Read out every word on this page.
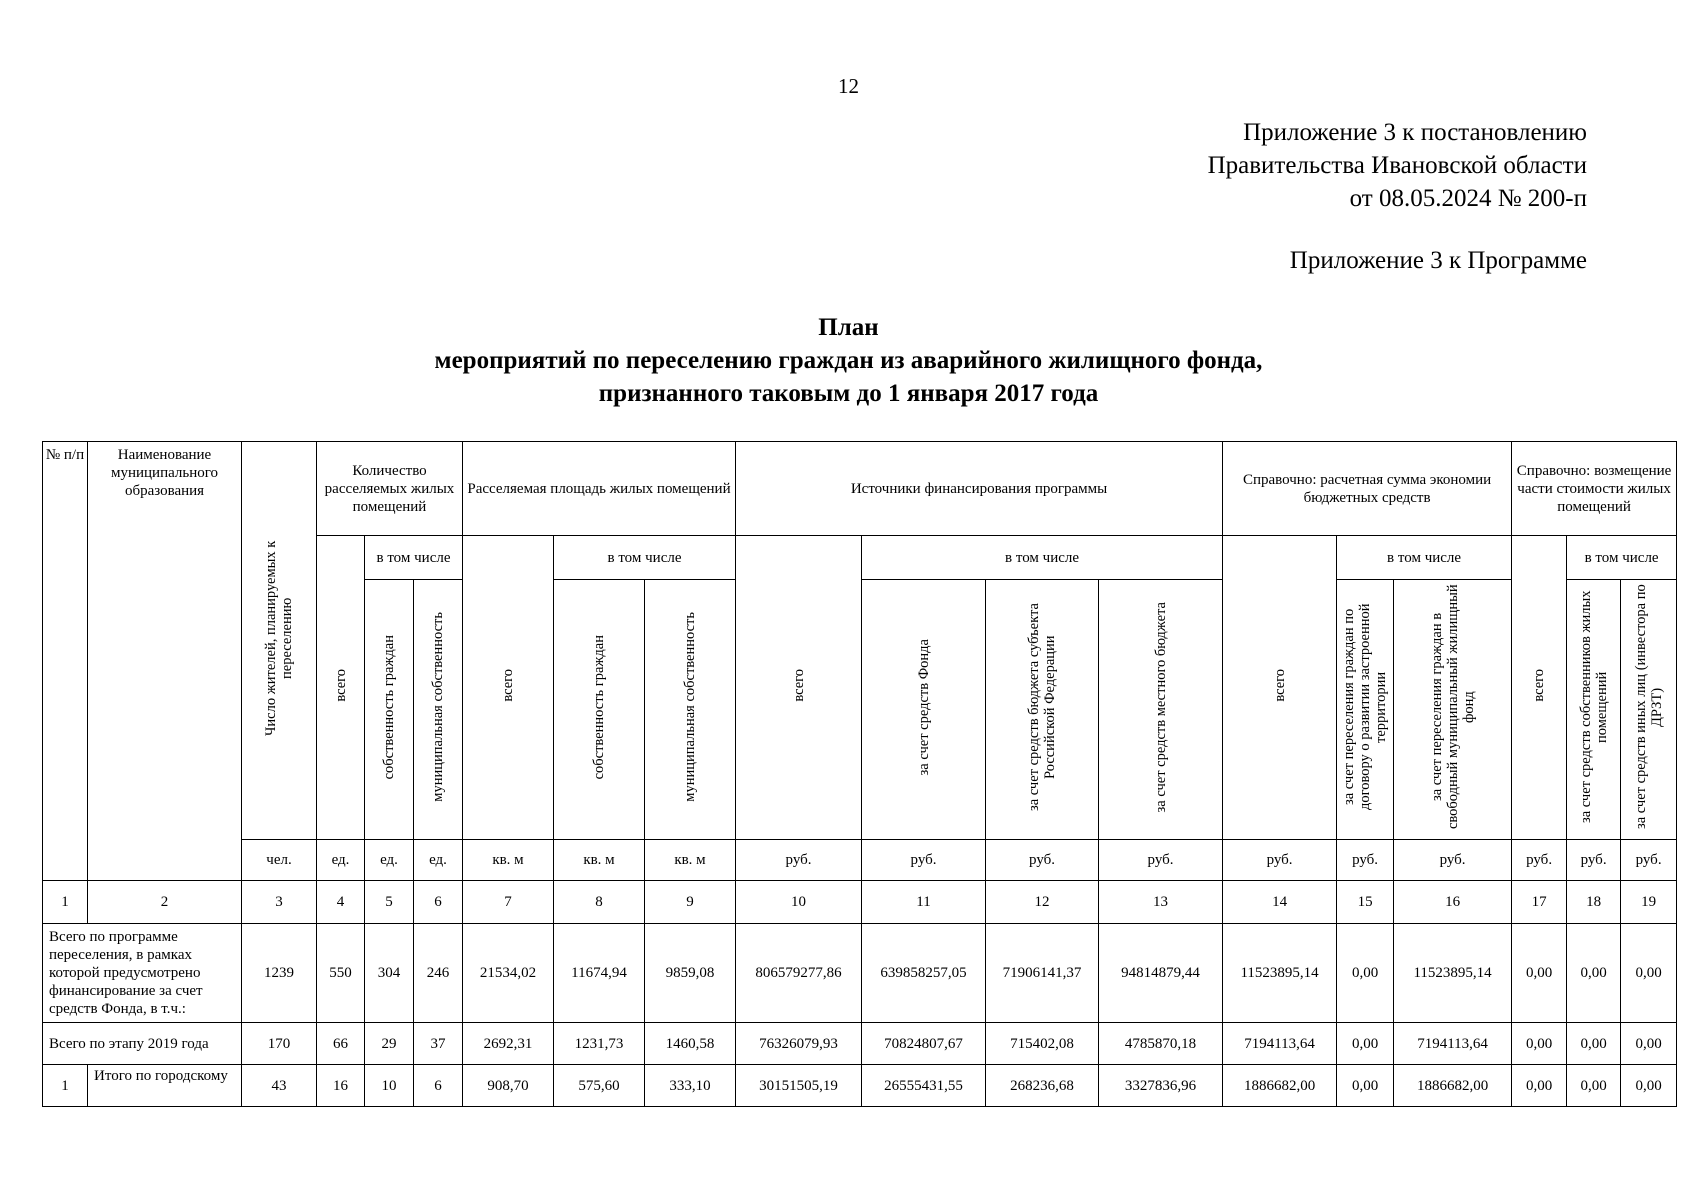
12
Приложение 3 к постановлению
Правительства Ивановской области
от 08.05.2024 № 200-п
Приложение 3 к Программе
План
мероприятий по переселению граждан из аварийного жилищного фонда,
признанного таковым до 1 января 2017 года
№ п/п	Наименование муниципального образования	Число жителей, планируемых к переселению	Количество расселяемых жилых помещений			Расселяемая площадь жилых помещений			Источники финансирования программы				Справочно: расчетная сумма экономии бюджетных средств			Справочно: возмещение части стоимости жилых помещений		
			всего	в том числе		всего	в том числе		всего	в том числе			всего	в том числе		всего	в том числе	
				собственность граждан	муниципальная собственность		собственность граждан	муниципальная собственность		за счет средств Фонда	за счет средств бюджета субъекта Российской Федерации	за счет средств местного бюджета		за счет переселения граждан по договору о развитии застроенной территории	за счет переселения граждан в свободный муниципальный жилищный фонд		за счет средств собственников жилых помещений	за счет средств иных лиц (инвестора по ДРЗТ)
		чел.	ед.	ед.	ед.	кв. м	кв. м	кв. м	руб.	руб.	руб.	руб.	руб.	руб.	руб.	руб.	руб.	руб.
1	2	3	4	5	6	7	8	9	10	11	12	13	14	15	16	17	18	19
Всего по программе переселения, в рамках которой предусмотрено финансирование за счет средств Фонда, в т.ч.:		1239	550	304	246	21534,02	11674,94	9859,08	806579277,86	639858257,05	71906141,37	94814879,44	11523895,14	0,00	11523895,14	0,00	0,00	0,00
Всего по этапу 2019 года		170	66	29	37	2692,31	1231,73	1460,58	76326079,93	70824807,67	715402,08	4785870,18	7194113,64	0,00	7194113,64	0,00	0,00	0,00
1	Итого по городскому	43	16	10	6	908,70	575,60	333,10	30151505,19	26555431,55	268236,68	3327836,96	1886682,00	0,00	1886682,00	0,00	0,00	0,00
